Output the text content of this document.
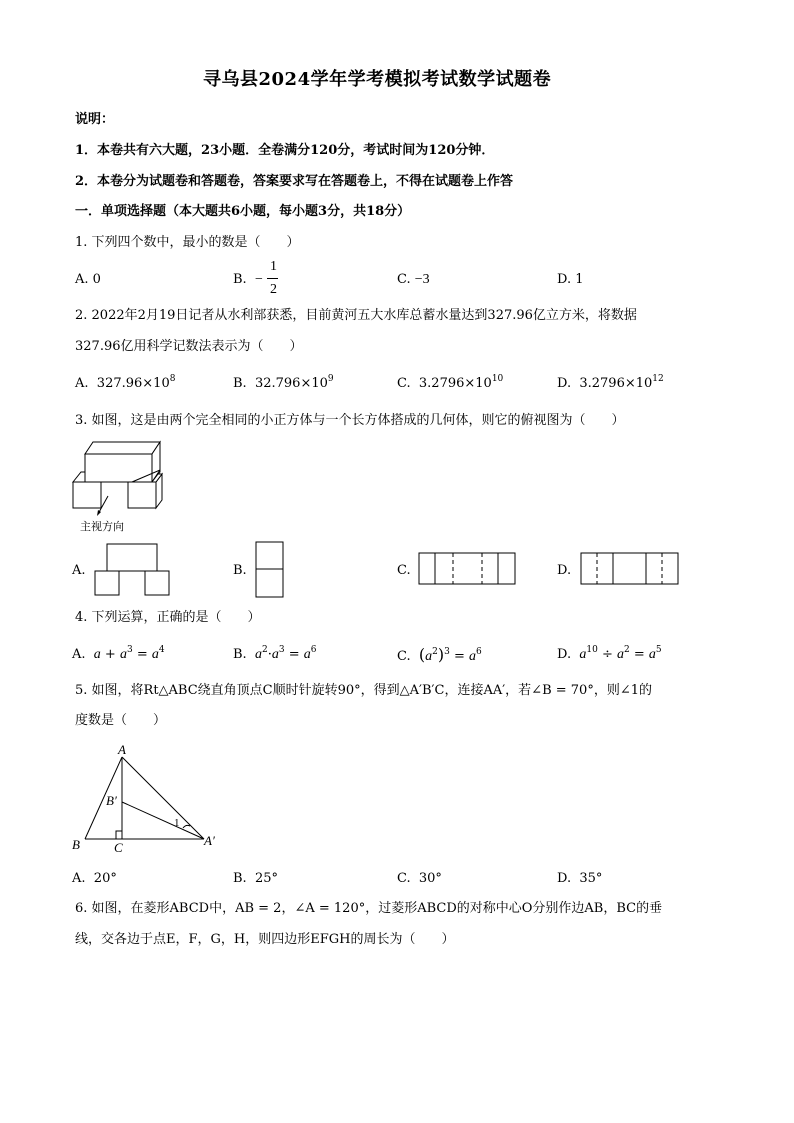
寻乌县2024学年学考模拟考试数学试题卷
说明：
1．本卷共有六大题，23小题．全卷满分120分，考试时间为120分钟．
2．本卷分为试题卷和答题卷，答案要求写在答题卷上，不得在试题卷上作答
一．单项选择题（本大题共6小题，每小题3分，共18分）
1. 下列四个数中，最小的数是（　　）
A. 0	B. −
1
2
C. −3	D. 1
2. 2022年2月19日记者从水利部获悉，目前黄河五大水库总蓄水量达到327.96亿立方米，将数据
327.96亿用科学记数法表示为（　　）
A. $327.96\times 10^8$	B. $32.796\times 10^9$	C. $3.2796\times 10^{10}$	D. $3.2796\times 10^{12}$
3. 如图，这是由两个完全相同的小正方体与一个长方体搭成的几何体，则它的俯视图为（　　）
主视方向
A.	B.	C.	D.
4. 下列运算，正确的是（　　）
A. $a + a^3 = a^4$	B. $a^2\cdot a^3 = a^6$	C. $(a^2)^3 = a^6$	D. $a^{10} \div a^2 = a^5$
5. 如图，将Rt△ABC绕直角顶点C顺时针旋转90°，得到△A′B′C，连接AA′，若∠B = 70°，则∠1的
度数是（　　）
A
B	C
B′
A′
1
A. 20°	B. 25°	C. 30°	D. 35°
6. 如图，在菱形ABCD中，AB = 2，∠A = 120°，过菱形ABCD的对称中心O分别作边AB，BC的垂
线，交各边于点E，F，G，H，则四边形EFGH的周长为（　　）
